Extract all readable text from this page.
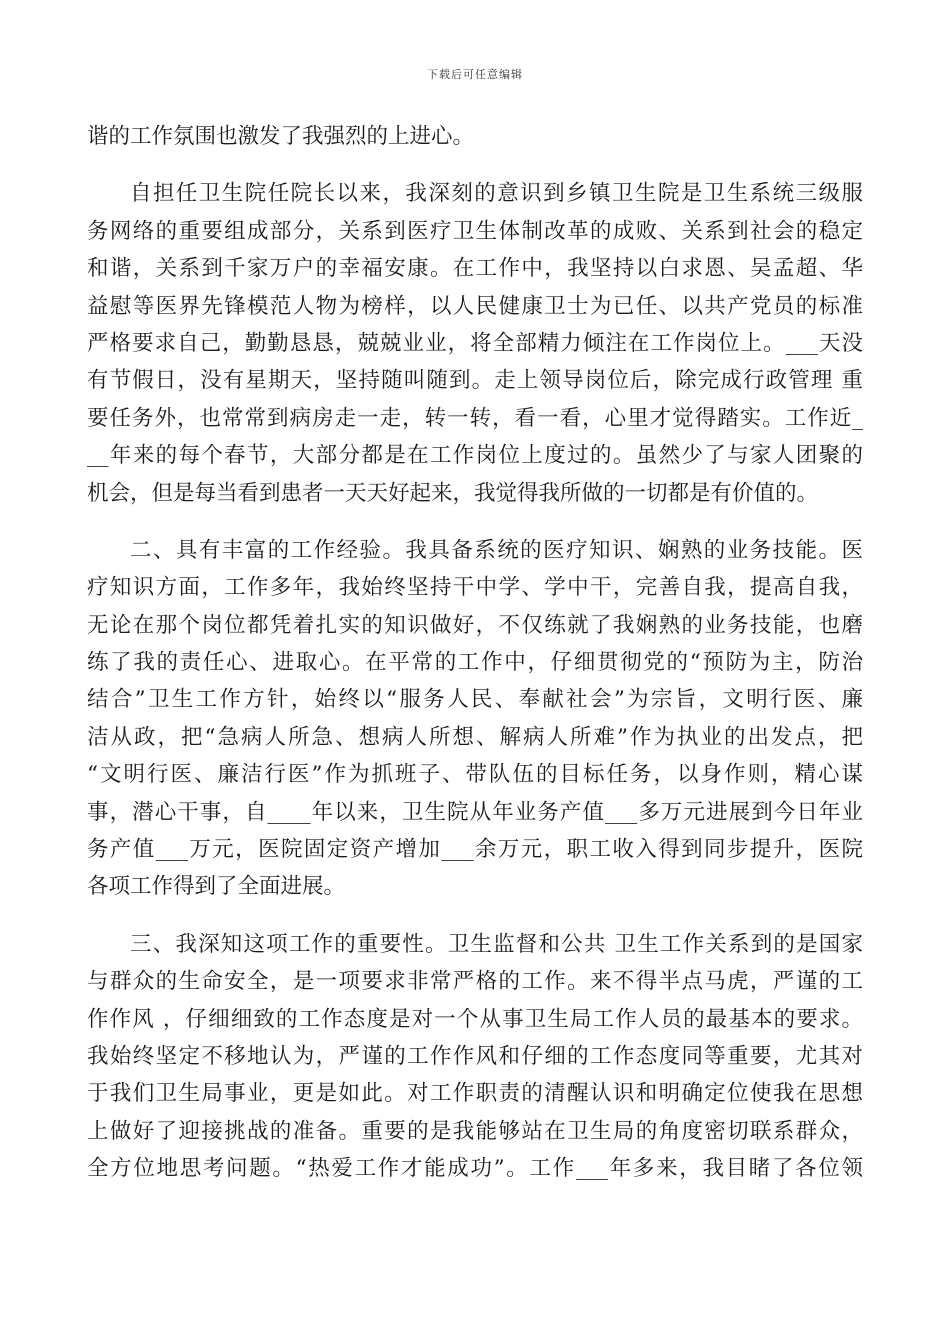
下载后可任意编辑
谐的工作氛围也激发了我强烈的上进心。
自担任卫生院任院长以来，我深刻的意识到乡镇卫生院是卫生系统三级服
务网络的重要组成部分，关系到医疗卫生体制改革的成败、关系到社会的稳定
和谐，关系到千家万户的幸福安康。在工作中，我坚持以白求恩、吴孟超、华
益慰等医界先锋模范人物为榜样，以人民健康卫士为已任、以共产党员的标准
严格要求自己，勤勤恳恳，兢兢业业，将全部精力倾注在工作岗位上。___天没
有节假日，没有星期天，坚持随叫随到。走上领导岗位后，除完成行政管理 重
要任务外，也常常到病房走一走，转一转，看一看，心里才觉得踏实。工作近_
__年来的每个春节，大部分都是在工作岗位上度过的。虽然少了与家人团聚的
机会，但是每当看到患者一天天好起来，我觉得我所做的一切都是有价值的。
二、具有丰富的工作经验。我具备系统的医疗知识、娴熟的业务技能。医
疗知识方面，工作多年，我始终坚持干中学、学中干，完善自我，提高自我，
无论在那个岗位都凭着扎实的知识做好，不仅练就了我娴熟的业务技能，也磨
练了我的责任心、进取心。在平常的工作中，仔细贯彻党的“预防为主，防治
结合”卫生工作方针，始终以“服务人民、奉献社会”为宗旨，文明行医、廉
洁从政，把“急病人所急、想病人所想、解病人所难”作为执业的出发点，把
“文明行医、廉洁行医”作为抓班子、带队伍的目标任务，以身作则，精心谋
事，潜心干事，自____年以来，卫生院从年业务产值___多万元进展到今日年业
务产值___万元，医院固定资产增加___余万元，职工收入得到同步提升，医院
各项工作得到了全面进展。
三、我深知这项工作的重要性。卫生监督和公共 卫生工作关系到的是国家
与群众的生命安全，是一项要求非常严格的工作。来不得半点马虎，严谨的工
作作风 ，仔细细致的工作态度是对一个从事卫生局工作人员的最基本的要求。
我始终坚定不移地认为，严谨的工作作风和仔细的工作态度同等重要，尤其对
于我们卫生局事业，更是如此。对工作职责的清醒认识和明确定位使我在思想
上做好了迎接挑战的准备。重要的是我能够站在卫生局的角度密切联系群众，
全方位地思考问题。“热爱工作才能成功”。工作___年多来，我目睹了各位领
